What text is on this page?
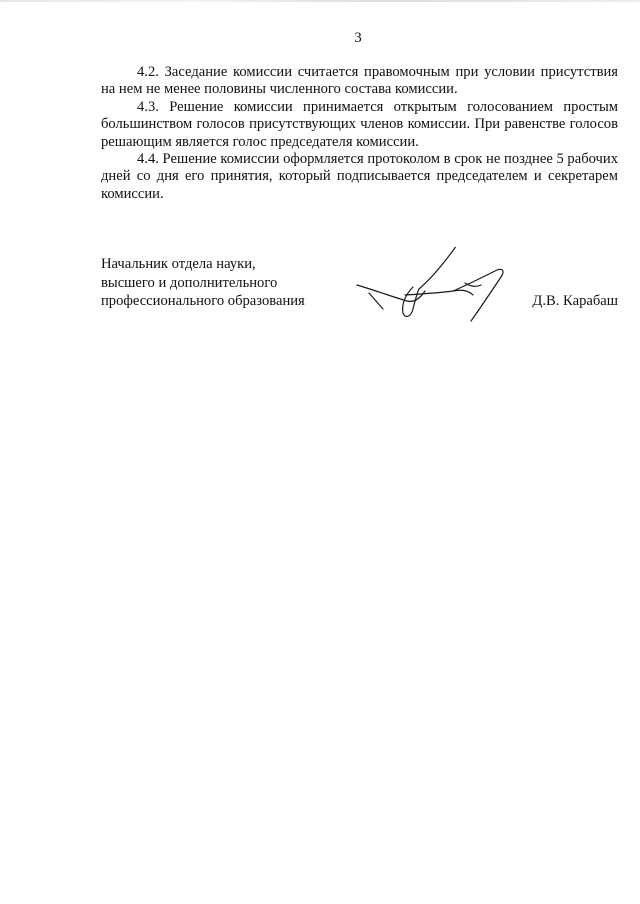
3

4.2. Заседание комиссии считается правомочным при условии присутствия на нем не менее половины численного состава комиссии.

4.3. Решение комиссии принимается открытым голосованием простым большинством голосов присутствующих членов комиссии. При равенстве голосов решающим является голос председателя комиссии.

4.4. Решение комиссии оформляется протоколом в срок не позднее 5 рабочих дней со дня его принятия, который подписывается председателем и секретарем комиссии.

Начальник отдела науки,
высшего и дополнительного
профессионального образования	Д.В. Карабаш
